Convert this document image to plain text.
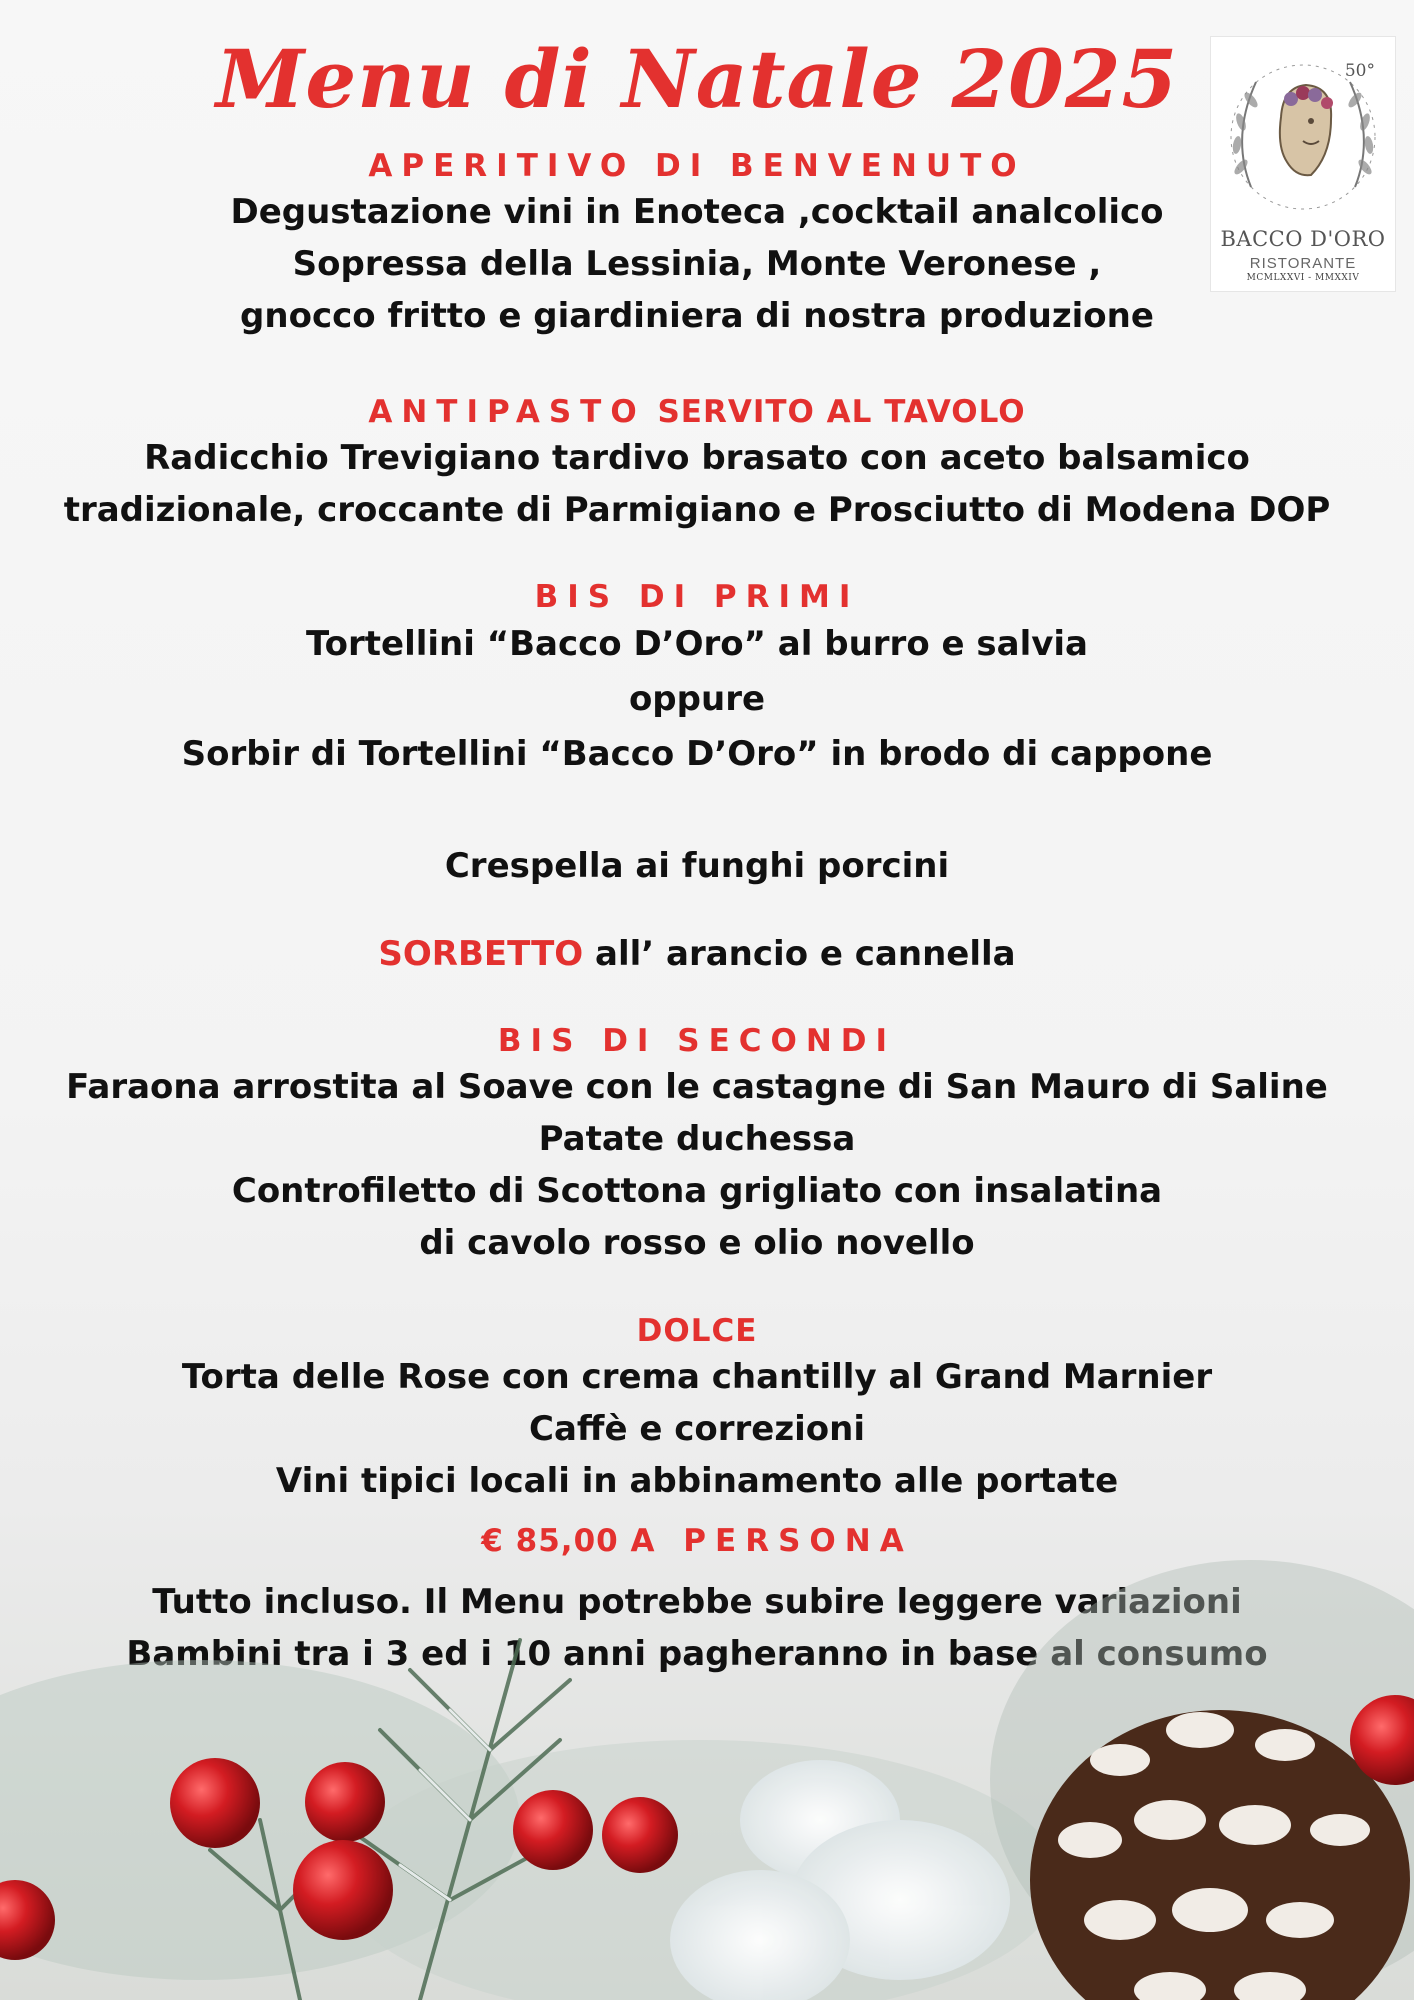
Menu di Natale 2025	50°
BACCO D'ORO
RISTORANTE
MCMLXXVI - MMXXIV
APERITIVO DI BENVENUTO
Degustazione vini in Enoteca ,cocktail analcolico
Sopressa della Lessinia, Monte Veronese ,
gnocco fritto e giardiniera di nostra produzione
ANTIPASTO SERVITO AL TAVOLO
Radicchio Trevigiano tardivo brasato con aceto balsamico
tradizionale, croccante di Parmigiano e Prosciutto di Modena DOP
BIS DI PRIMI
Tortellini “Bacco D’Oro” al burro e salvia
oppure
Sorbir di Tortellini “Bacco D’Oro” in brodo di cappone
Crespella ai funghi porcini
SORBETTO all’ arancio e cannella
BIS DI SECONDI
Faraona arrostita al Soave con le castagne di San Mauro di Saline
Patate duchessa
Controfiletto di Scottona grigliato con insalatina
di cavolo rosso e olio novello
DOLCE
Torta delle Rose con crema chantilly al Grand Marnier
Caffè e correzioni
Vini tipici locali in abbinamento alle portate
€ 85,00 A PERSONA
Tutto incluso. Il Menu potrebbe subire leggere variazioni
Bambini tra i 3 ed i 10 anni pagheranno in base al consumo
